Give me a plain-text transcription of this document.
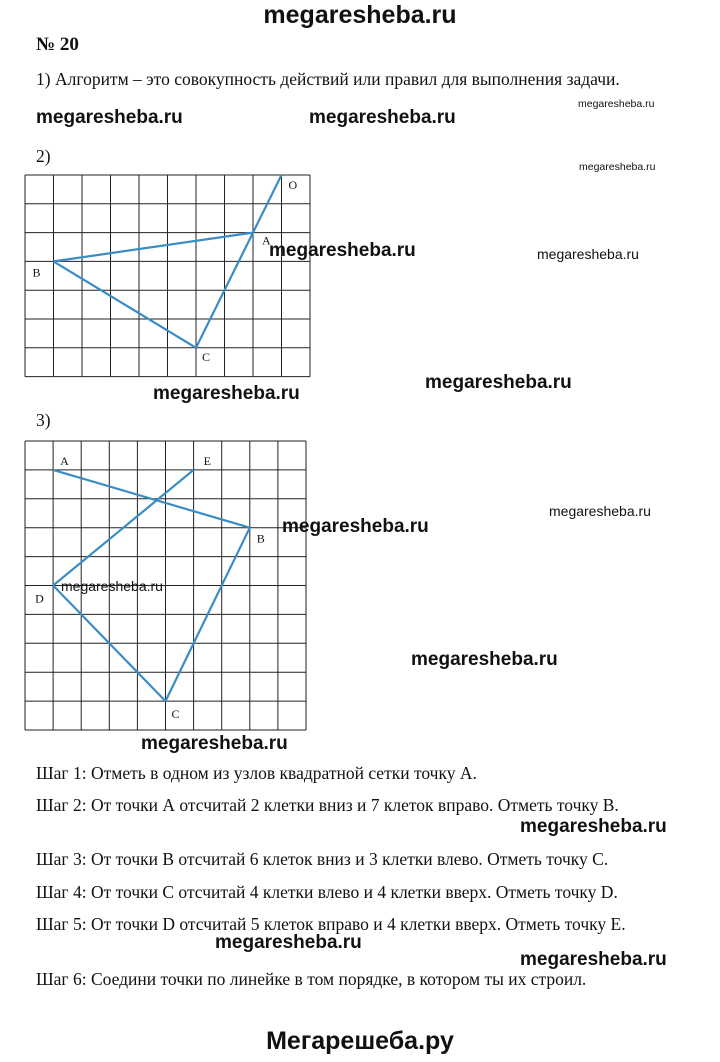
megaresheba.ru
№ 20
1) Алгоритм – это совокупность действий или правил для выполнения задачи.
megaresheba.ru	megaresheba.ru
megaresheba.ru
megaresheba.ru
2)
O
A
B
C
megaresheba.ru	megaresheba.ru
megaresheba.ru
megaresheba.ru
3)
A
B
C
D
E
megaresheba.ru
megaresheba.ru
megaresheba.ru
megaresheba.ru
megaresheba.ru
Шаг 1: Отметь в одном из узлов квадратной сетки точку А.
Шаг 2: От точки А отсчитай 2 клетки вниз и 7 клеток вправо. Отметь точку В.
Шаг 3: От точки В отсчитай 6 клеток вниз и 3 клетки влево. Отметь точку С.
Шаг 4: От точки С отсчитай 4 клетки влево и 4 клетки вверх. Отметь точку D.
Шаг 5: От точки D отсчитай 5 клеток вправо и 4 клетки вверх. Отметь точку Е.
Шаг 6: Соедини точки по линейке в том порядке, в котором ты их строил.
megaresheba.ru
megaresheba.ru
megaresheba.ru
Мегарешеба.ру
